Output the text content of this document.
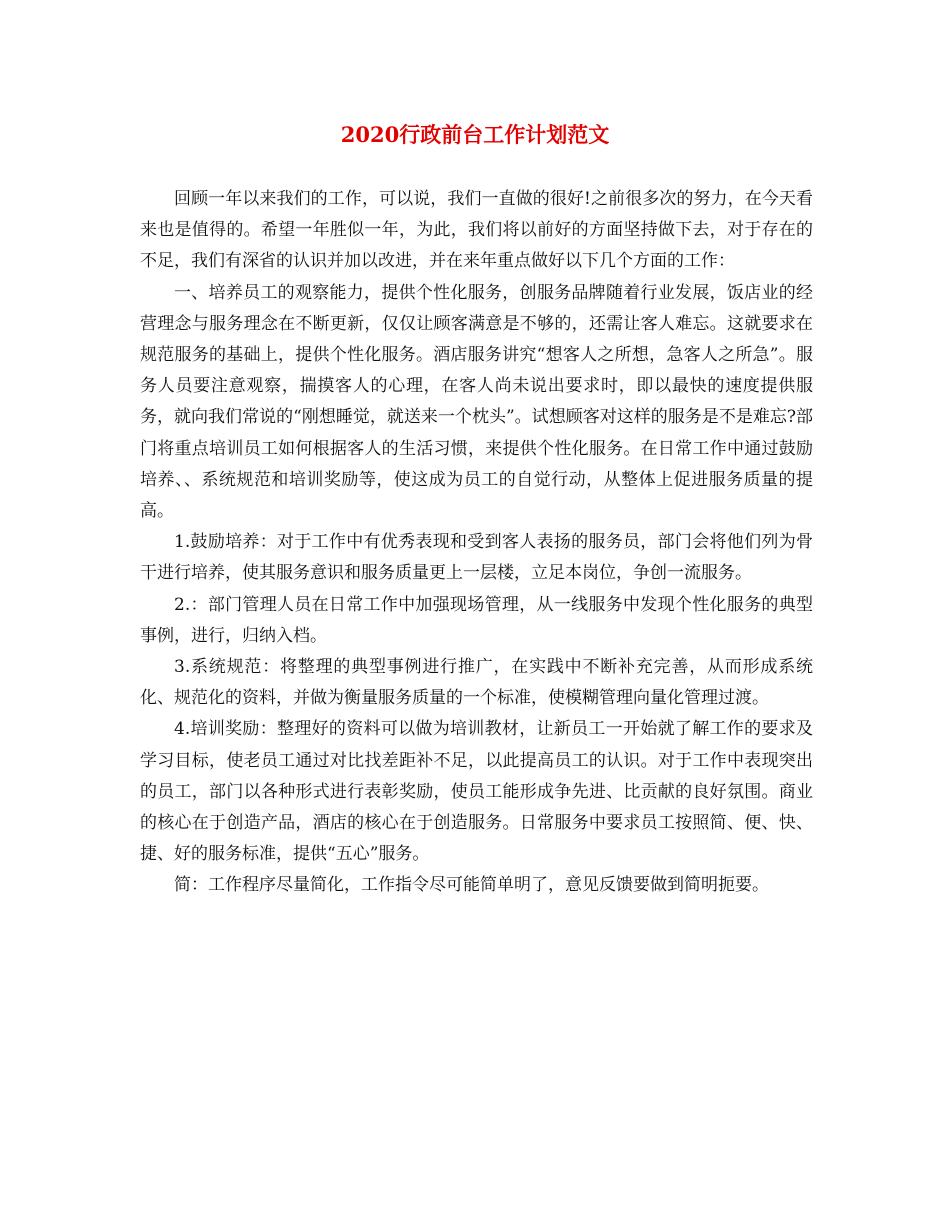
2020行政前台工作计划范文

回顾一年以来我们的工作，可以说，我们一直做的很好!之前很多次的努力，在今天看来也是值得的。希望一年胜似一年，为此，我们将以前好的方面坚持做下去，对于存在的不足，我们有深省的认识并加以改进，并在来年重点做好以下几个方面的工作：

一、培养员工的观察能力，提供个性化服务，创服务品牌随着行业发展，饭店业的经营理念与服务理念在不断更新，仅仅让顾客满意是不够的，还需让客人难忘。这就要求在规范服务的基础上，提供个性化服务。酒店服务讲究“想客人之所想，急客人之所急”。服务人员要注意观察，揣摸客人的心理，在客人尚未说出要求时，即以最快的速度提供服务，就向我们常说的“刚想睡觉，就送来一个枕头”。试想顾客对这样的服务是不是难忘?部门将重点培训员工如何根据客人的生活习惯，来提供个性化服务。在日常工作中通过鼓励培养、、系统规范和培训奖励等，使这成为员工的自觉行动，从整体上促进服务质量的提高。

1.鼓励培养：对于工作中有优秀表现和受到客人表扬的服务员，部门会将他们列为骨干进行培养，使其服务意识和服务质量更上一层楼，立足本岗位，争创一流服务。

2.：部门管理人员在日常工作中加强现场管理，从一线服务中发现个性化服务的典型事例，进行，归纳入档。

3.系统规范：将整理的典型事例进行推广，在实践中不断补充完善，从而形成系统化、规范化的资料，并做为衡量服务质量的一个标准，使模糊管理向量化管理过渡。

4.培训奖励：整理好的资料可以做为培训教材，让新员工一开始就了解工作的要求及学习目标，使老员工通过对比找差距补不足，以此提高员工的认识。对于工作中表现突出的员工，部门以各种形式进行表彰奖励，使员工能形成争先进、比贡献的良好氛围。商业的核心在于创造产品，酒店的核心在于创造服务。日常服务中要求员工按照简、便、快、捷、好的服务标准，提供“五心”服务。

简：工作程序尽量简化，工作指令尽可能简单明了，意见反馈要做到简明扼要。
